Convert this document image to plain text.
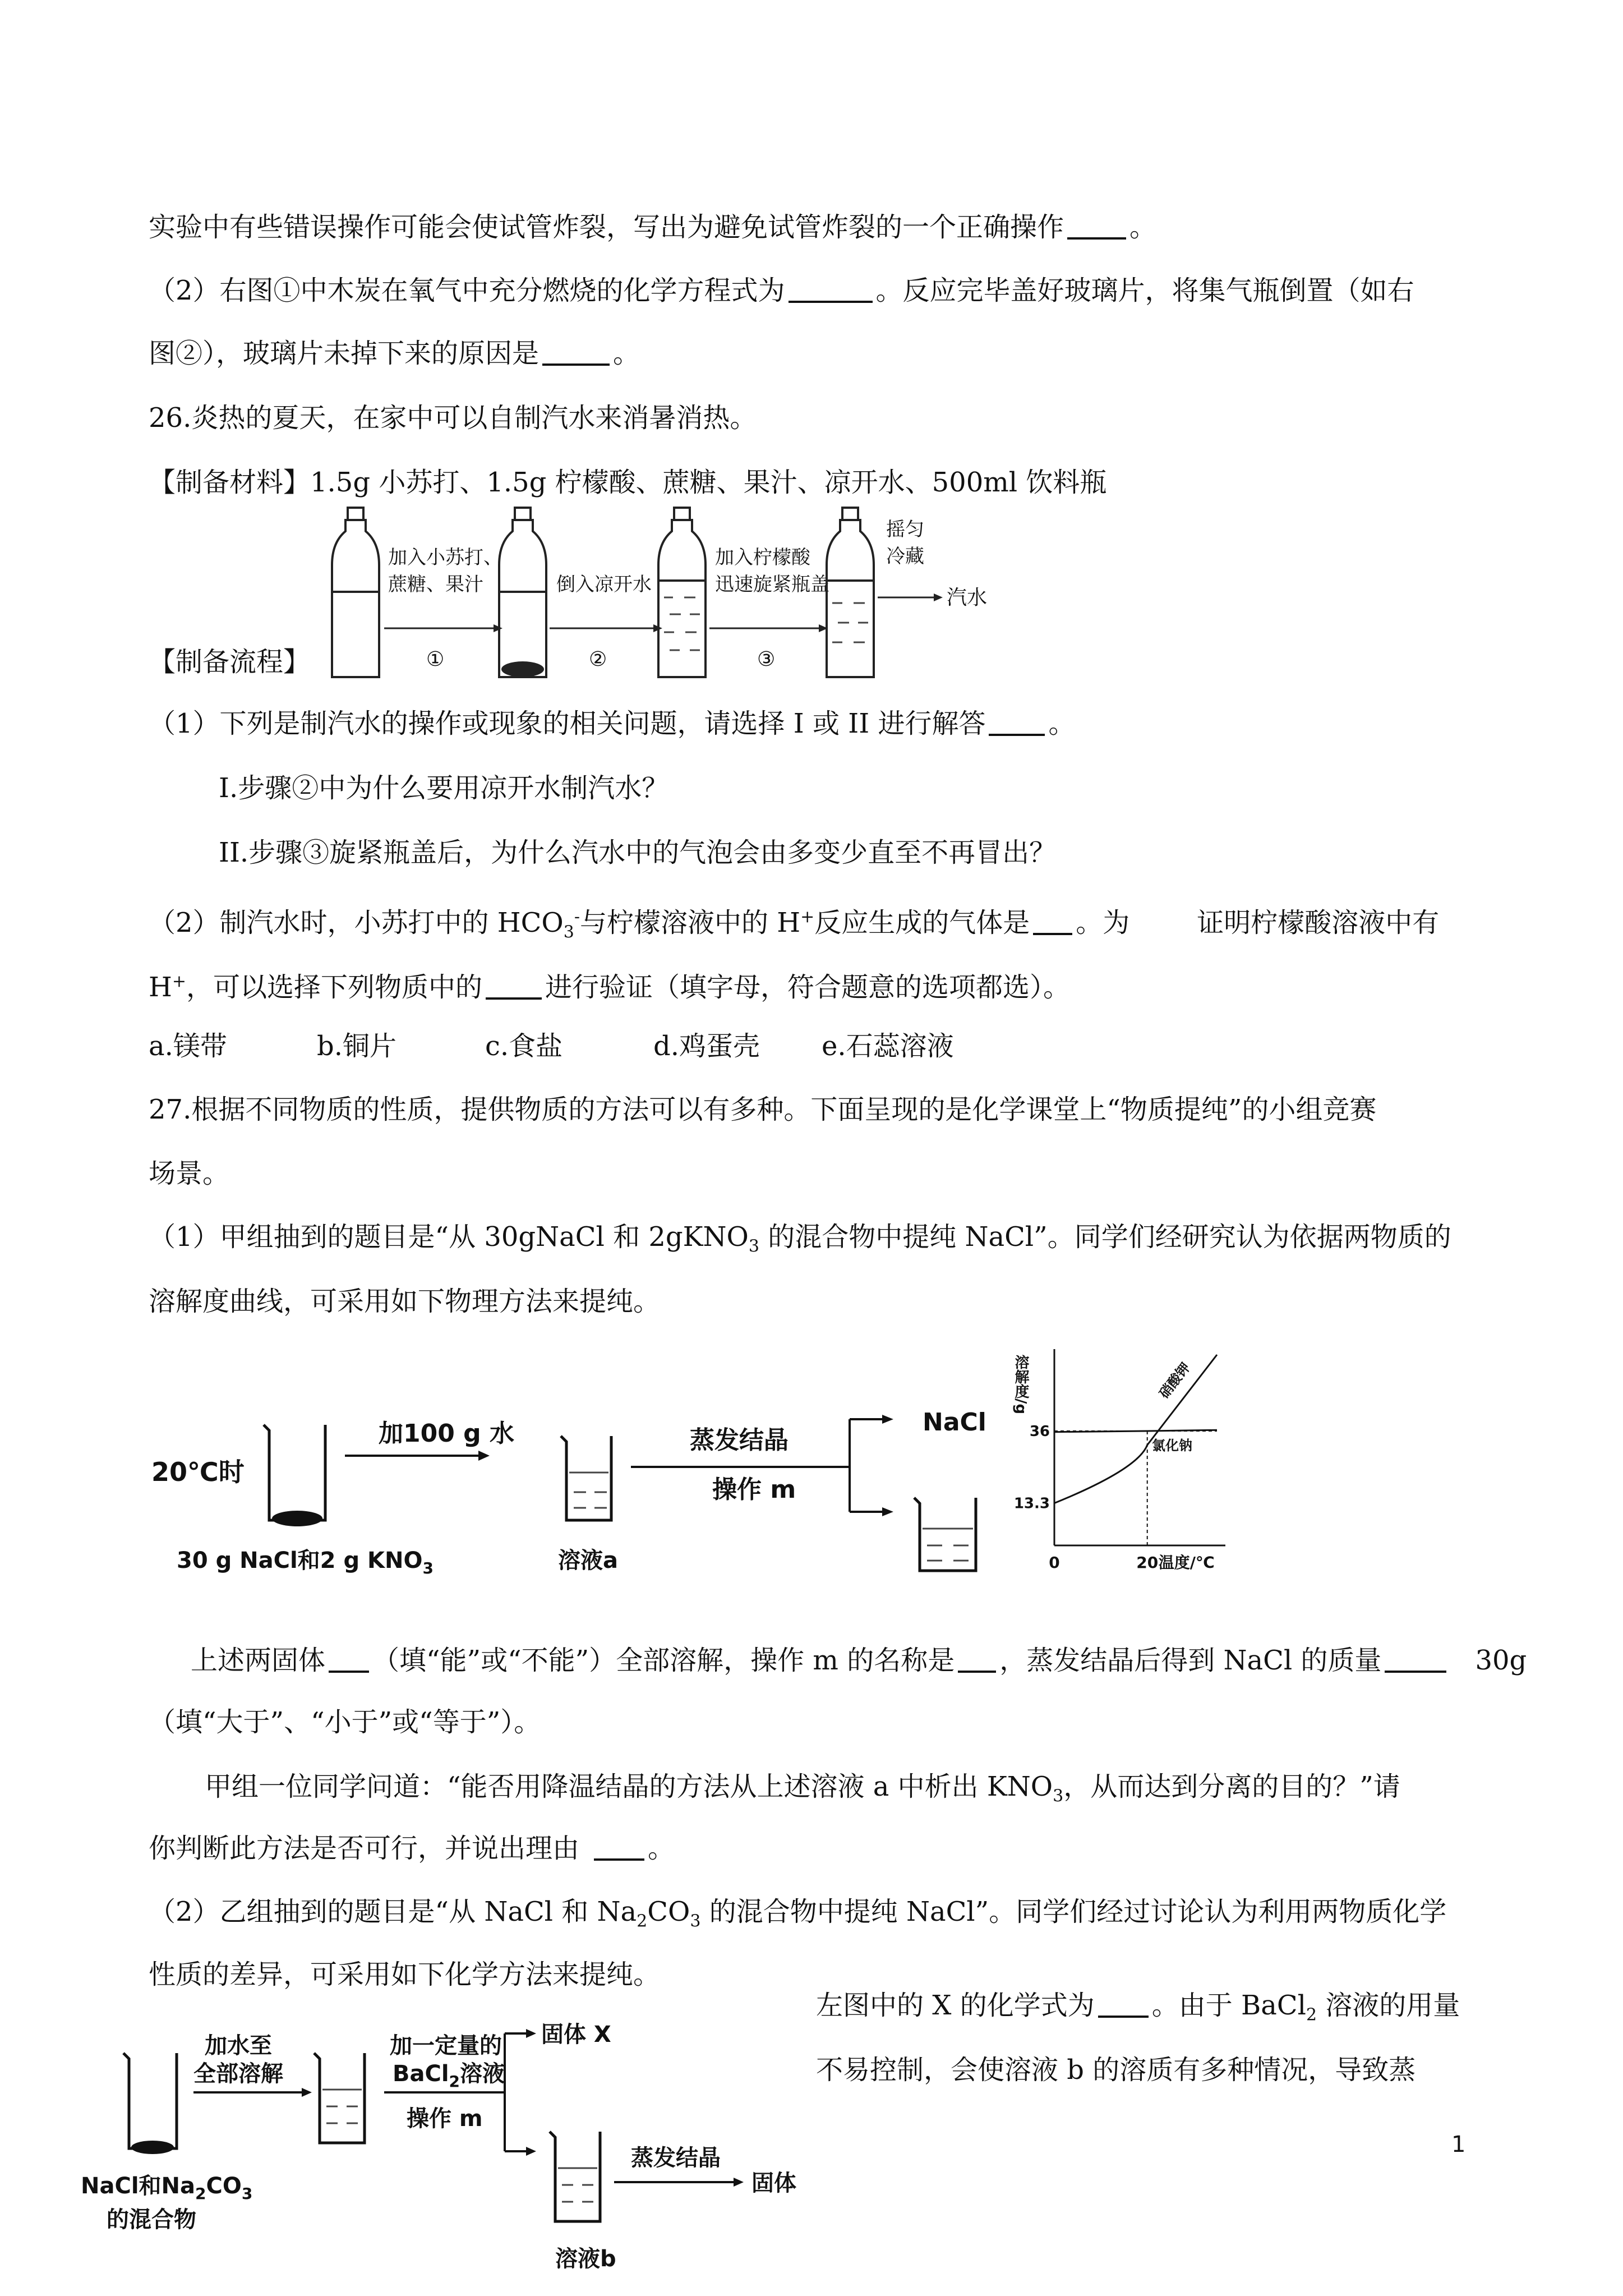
实验中有些错误操作可能会使试管炸裂，写出为避免试管炸裂的一个正确操作 。
（2）右图①中木炭在氧气中充分燃烧的化学方程式为	。反应完毕盖好玻璃片，将集气瓶倒置（如右
图②），玻璃片未掉下来的原因是	。
26.炎热的夏天，在家中可以自制汽水来消暑消热。
【制备材料】1.5g 小苏打、1.5g 柠檬酸、蔗糖、果汁、凉开水、500ml 饮料瓶
加入小苏打、
蔗糖、果汁
①
倒入凉开水
②
加入柠檬酸
迅速旋紧瓶盖
③
摇匀
冷藏
汽水
【制备流程】
（1）下列是制汽水的操作或现象的相关问题，请选择 I 或 II 进行解答 。
I.步骤②中为什么要用凉开水制汽水？
II.步骤③旋紧瓶盖后，为什么汽水中的气泡会由多变少直至不再冒出？
（2）制汽水时，小苏打中的 $HCO_3^-$与柠檬溶液中的 H+反应生成的气体是 。为	证明柠檬酸溶液中有
H+，可以选择下列物质中的 进行验证（填字母，符合题意的选项都选）。
a.镁带	b.铜片	c.食盐	d.鸡蛋壳 e.石蕊溶液
27.根据不同物质的性质，提供物质的方法可以有多种。下面呈现的是化学课堂上“物质提纯”的小组竞赛
场景。
（1）甲组抽到的题目是“从 30gNaCl 和 2gKNO$_3$ 的混合物中提纯 NaCl”。同学们经研究认为依据两物质的
溶解度曲线，可采用如下物理方法来提纯。
20℃时
加100 g 水
30 g NaCl和2 g $KNO_3$	溶液a
蒸发结晶
操作 m
NaCl
溶解度/g
温度/℃
36
13.3
0	20
硝酸钾
氯化钠
上述两固体 （填“能”或“不能”）全部溶解，操作 m 的名称是 ，蒸发结晶后得到 NaCl 的质量	30g
（填“大于”、“小于”或“等于”）。
甲组一位同学问道：“能否用降温结晶的方法从上述溶液 a 中析出 $KNO_3$，从而达到分离的目的？”请
你判断此方法是否可行，并说出理由	。
（2）乙组抽到的题目是“从 NaCl 和 $Na_2CO_3$ 的混合物中提纯 NaCl”。同学们经过讨论认为利用两物质化学
性质的差异，可采用如下化学方法来提纯。
NaCl和$Na_2CO_3$
的混合物
加水至
全部溶解
加一定量的
BaCl$_2$溶液
操作 m
固体 X
溶液b
蒸发结晶
固体
左图中的 X 的化学式为 。由于 BaCl$_2$ 溶液的用量
不易控制，会使溶液 b 的溶质有多种情况，导致蒸
1
